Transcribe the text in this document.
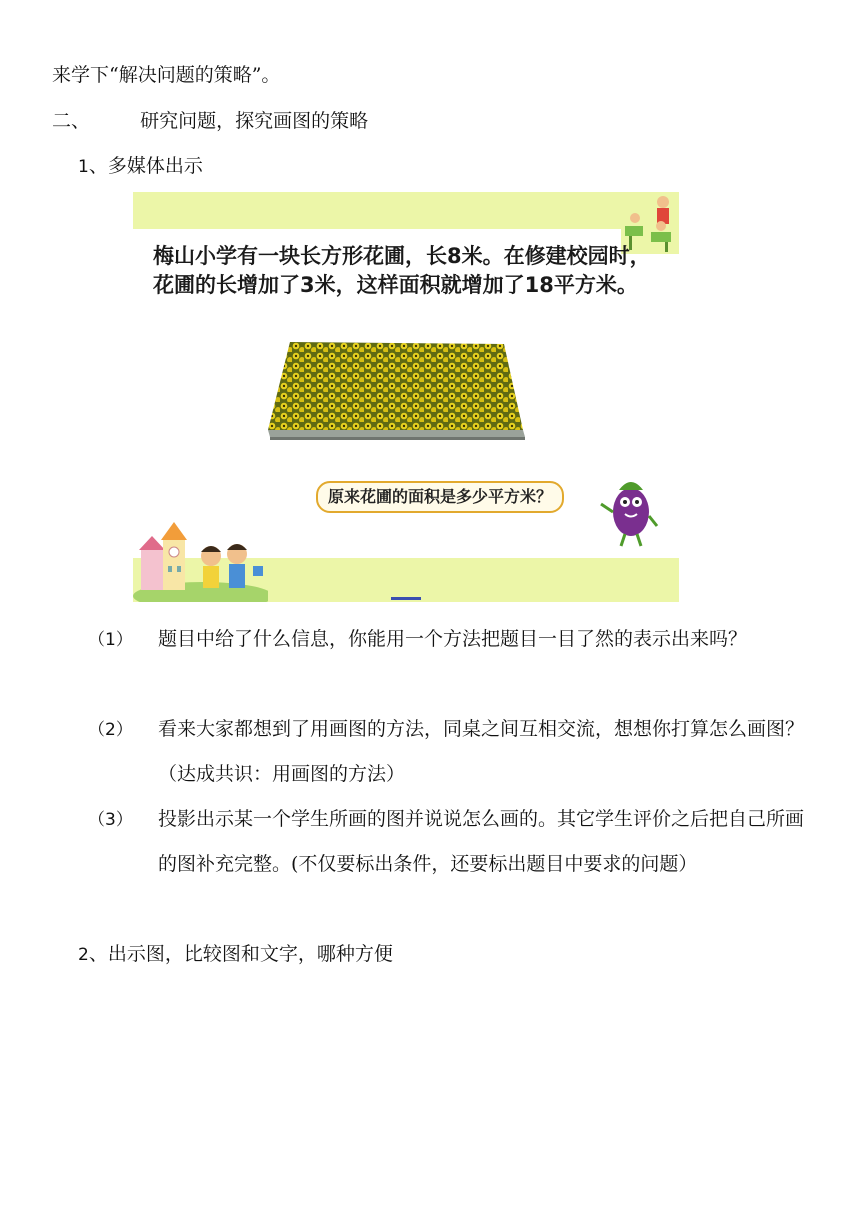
来学下“解决问题的策略”。
二、	研究问题，探究画图的策略
1、多媒体出示
梅山小学有一块长方形花圃，长8米。在修建校园时，花圃的长增加了3米，这样面积就增加了18平方米。
原来花圃的面积是多少平方米？
（1） 题目中给了什么信息，你能用一个方法把题目一目了然的表示出来吗？
（2） 看来大家都想到了用画图的方法，同桌之间互相交流，想想你打算怎么画图？（达成共识：用画图的方法）
（3） 投影出示某一个学生所画的图并说说怎么画的。其它学生评价之后把自己所画的图补充完整。(不仅要标出条件，还要标出题目中要求的问题）
2、出示图，比较图和文字，哪种方便
